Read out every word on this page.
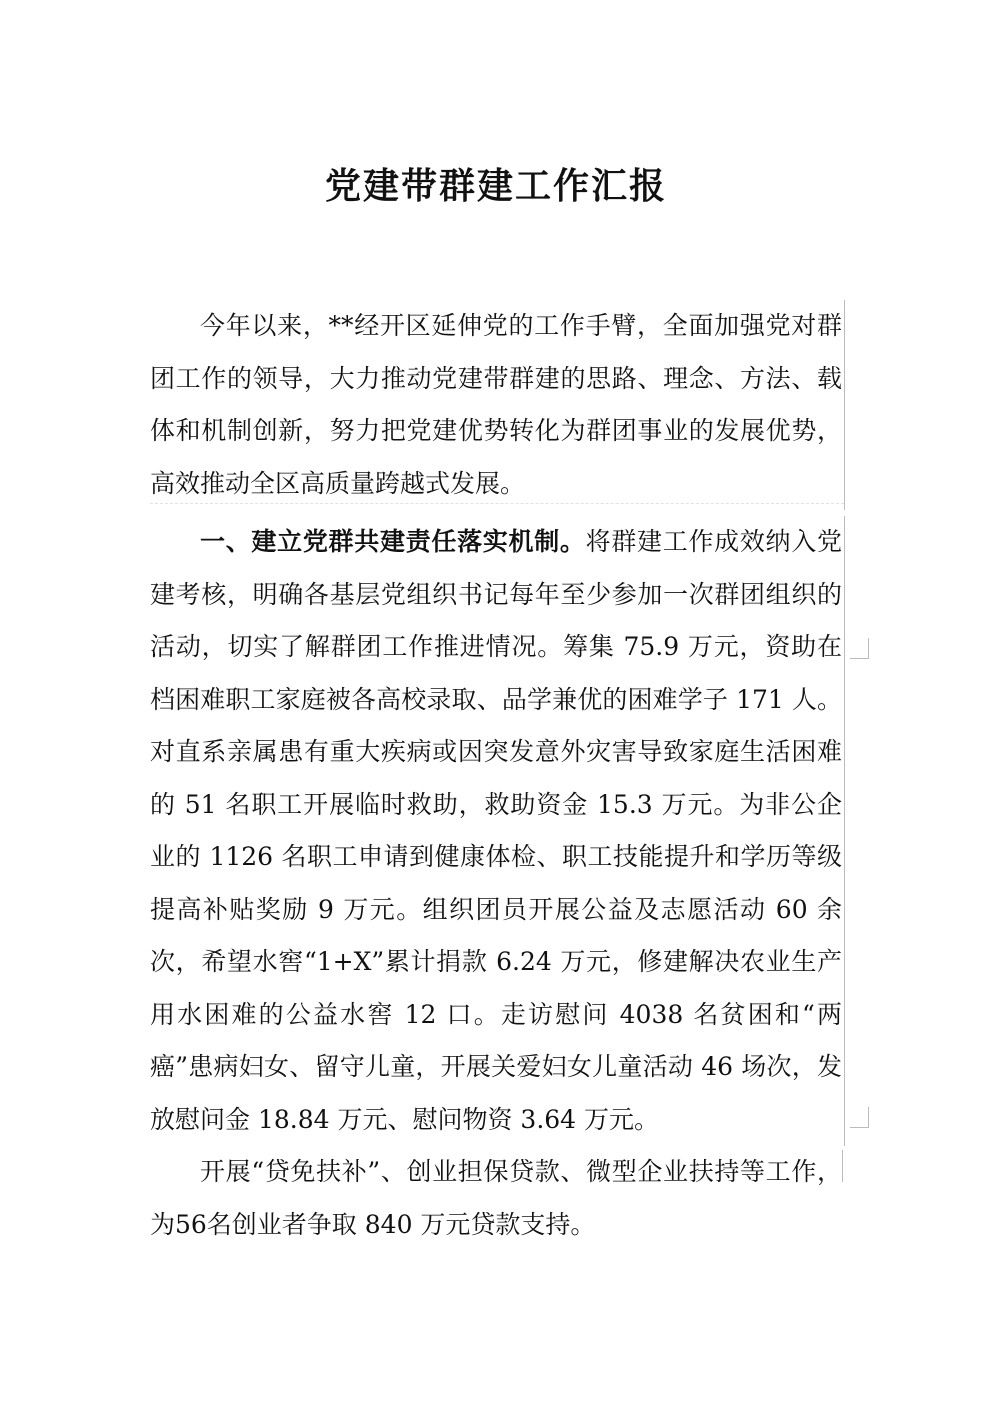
党建带群建工作汇报

今年以来，**经开区延伸党的工作手臂，全面加强党对群团工作的领导，大力推动党建带群建的思路、理念、方法、载体和机制创新，努力把党建优势转化为群团事业的发展优势，高效推动全区高质量跨越式发展。

一、建立党群共建责任落实机制。将群建工作成效纳入党建考核，明确各基层党组织书记每年至少参加一次群团组织的活动，切实了解群团工作推进情况。筹集 75.9 万元，资助在档困难职工家庭被各高校录取、品学兼优的困难学子 171 人。对直系亲属患有重大疾病或因突发意外灾害导致家庭生活困难的 51 名职工开展临时救助，救助资金 15.3 万元。为非公企业的 1126 名职工申请到健康体检、职工技能提升和学历等级提高补贴奖励 9 万元。组织团员开展公益及志愿活动 60 余次，希望水窖“1+X”累计捐款 6.24 万元，修建解决农业生产用水困难的公益水窖 12 口。走访慰问 4038 名贫困和“两癌”患病妇女、留守儿童，开展关爱妇女儿童活动 46 场次，发放慰问金 18.84 万元、慰问物资 3.64 万元。

开展“贷免扶补”、创业担保贷款、微型企业扶持等工作，为56名创业者争取 840 万元贷款支持。
